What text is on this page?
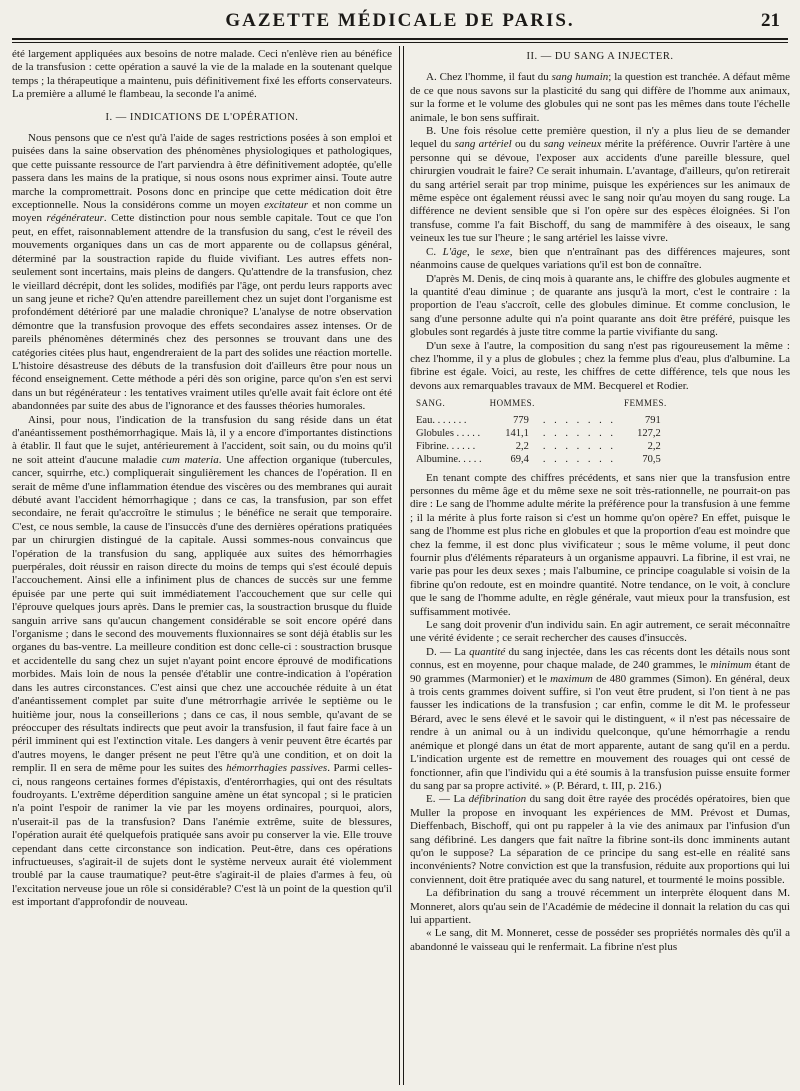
GAZETTE MÉDICALE DE PARIS.	21

été largement appliquées aux besoins de notre malade. Ceci n'enlève rien au bénéfice de la transfusion : cette opération a sauvé la vie de la malade en la soutenant quelque temps ; la thérapeutique a maintenu, puis définitivement fixé les efforts conservateurs. La première a allumé le flambeau, la seconde l'a animé.

I. — INDICATIONS DE L'OPÉRATION.

Nous pensons que ce n'est qu'à l'aide de sages restrictions posées à son emploi et puisées dans la saine observation des phénomènes physiologiques et pathologiques, que cette puissante ressource de l'art parviendra à être définitivement adoptée, qu'elle passera dans les mains de la pratique, si nous osons nous exprimer ainsi. Toute autre marche la compromettrait. Posons donc en principe que cette médication doit être exceptionnelle. Nous la considérons comme un moyen excitateur et non comme un moyen régénérateur. Cette distinction pour nous semble capitale. Tout ce que l'on peut, en effet, raisonnablement attendre de la transfusion du sang, c'est le réveil des mouvements organiques dans un cas de mort apparente ou de collapsus général, déterminé par la soustraction rapide du fluide vivifiant. Les autres effets non-seulement sont incertains, mais pleins de dangers. Qu'attendre de la transfusion, chez le vieillard décrépit, dont les solides, modifiés par l'âge, ont perdu leurs rapports avec un sang jeune et riche? Qu'en attendre pareillement chez un sujet dont l'organisme est profondément détérioré par une maladie chronique? L'analyse de notre observation démontre que la transfusion provoque des effets secondaires assez intenses. Or de pareils phénomènes déterminés chez des personnes se trouvant dans une des catégories citées plus haut, engendreraient de la part des solides une réaction mortelle. L'histoire désastreuse des débuts de la transfusion doit d'ailleurs être pour nous un fécond enseignement. Cette méthode a péri dès son origine, parce qu'on s'en est servi dans un but régénérateur : les tentatives vraiment utiles qu'elle avait fait éclore ont été abandonnées par suite des abus de l'ignorance et des fausses théories humorales.

Ainsi, pour nous, l'indication de la transfusion du sang réside dans un état d'anéantissement posthémorrhagique. Mais là, il y a encore d'importantes distinctions à établir. Il faut que le sujet, antérieurement à l'accident, soit sain, ou du moins qu'il ne soit atteint d'aucune maladie cum materia. Une affection organique (tubercules, cancer, squirrhe, etc.) compliquerait singulièrement les chances de l'opération. Il en serait de même d'une inflammation étendue des viscères ou des membranes qui aurait débuté avant l'accident hémorrhagique ; dans ce cas, la transfusion, par son effet secondaire, ne ferait qu'accroître le stimulus ; le bénéfice ne serait que temporaire. C'est, ce nous semble, la cause de l'insuccès d'une des dernières opérations pratiquées par un chirurgien distingué de la capitale. Aussi sommes-nous convaincus que l'opération de la transfusion du sang, appliquée aux suites des hémorrhagies puerpérales, doit réussir en raison directe du moins de temps qui s'est écoulé depuis l'accouchement. Ainsi elle a infiniment plus de chances de succès sur une femme épuisée par une perte qui suit immédiatement l'accouchement que sur celle qui l'éprouve quelques jours après. Dans le premier cas, la soustraction brusque du fluide sanguin arrive sans qu'aucun changement considérable se soit encore opéré dans l'organisme ; dans le second des mouvements fluxionnaires se sont déjà établis sur les organes du bas-ventre. La meilleure condition est donc celle-ci : soustraction brusque et accidentelle du sang chez un sujet n'ayant point encore éprouvé de modifications morbides. Mais loin de nous la pensée d'établir une contre-indication à l'opération dans les autres circonstances. C'est ainsi que chez une accouchée réduite à un état d'anéantissement complet par suite d'une métrorrhagie arrivée le septième ou le huitième jour, nous la conseillerions ; dans ce cas, il nous semble, qu'avant de se préoccuper des résultats indirects que peut avoir la transfusion, il faut faire face à un péril imminent qui est l'extinction vitale. Les dangers à venir peuvent être écartés par d'autres moyens, le danger présent ne peut l'être qu'à une condition, et on doit la remplir. Il en sera de même pour les suites des hémorrhagies passives. Parmi celles-ci, nous rangeons certaines formes d'épistaxis, d'entérorrhagies, qui ont des résultats foudroyants. L'extrême déperdition sanguine amène un état syncopal ; si le praticien n'a point l'espoir de ranimer la vie par les moyens ordinaires, pourquoi, alors, n'userait-il pas de la transfusion? Dans l'anémie extrême, suite de blessures, l'opération aurait été quelquefois pratiquée sans avoir pu conserver la vie. Elle trouve cependant dans cette circonstance son indication. Peut-être, dans ces opérations infructueuses, s'agirait-il de sujets dont le système nerveux aurait été violemment troublé par la cause traumatique? peut-être s'agirait-il de plaies d'armes à feu, où l'excitation nerveuse joue un rôle si considérable? C'est là un point de la question qu'il est important d'approfondir de nouveau.

II. — DU SANG A INJECTER.

A. Chez l'homme, il faut du sang humain; la question est tranchée. A défaut même de ce que nous savons sur la plasticité du sang qui diffère de l'homme aux animaux, sur la forme et le volume des globules qui ne sont pas les mêmes dans toute l'échelle animale, le bon sens suffirait.

B. Une fois résolue cette première question, il n'y a plus lieu de se demander lequel du sang artériel ou du sang veineux mérite la préférence. Ouvrir l'artère à une personne qui se dévoue, l'exposer aux accidents d'une pareille blessure, quel chirurgien voudrait le faire? Ce serait inhumain. L'avantage, d'ailleurs, qu'on retirerait du sang artériel serait par trop minime, puisque les expériences sur les animaux de même espèce ont également réussi avec le sang noir qu'au moyen du sang rouge. La différence ne devient sensible que si l'on opère sur des espèces éloignées. Si l'on transfuse, comme l'a fait Bischoff, du sang de mammifère à des oiseaux, le sang veineux les tue sur l'heure ; le sang artériel les laisse vivre.

C. L'âge, le sexe, bien que n'entraînant pas des différences majeures, sont néanmoins cause de quelques variations qu'il est bon de connaître.

D'après M. Denis, de cinq mois à quarante ans, le chiffre des globules augmente et la quantité d'eau diminue ; de quarante ans jusqu'à la mort, c'est le contraire : la proportion de l'eau s'accroît, celle des globules diminue. Et comme conclusion, le sang d'une personne adulte qui n'a point quarante ans doit être préféré, puisque les globules sont regardés à juste titre comme la partie vivifiante du sang.

D'un sexe à l'autre, la composition du sang n'est pas rigoureusement la même : chez l'homme, il y a plus de globules ; chez la femme plus d'eau, plus d'albumine. La fibrine est égale. Voici, au reste, les chiffres de cette différence, tels que nous les devons aux remarquables travaux de MM. Becquerel et Rodier.

SANG.	HOMMES.		FEMMES.
Eau. . . . . . .	779	. . . . . . .	791
Globules . . . . .	141,1	. . . . . . .	127,2
Fibrine. . . . . .	2,2	. . . . . . .	2,2
Albumine. . . . .	69,4	. . . . . . .	70,5

En tenant compte des chiffres précédents, et sans nier que la transfusion entre personnes du même âge et du même sexe ne soit très-rationnelle, ne pourrait-on pas dire : Le sang de l'homme adulte mérite la préférence pour la transfusion à une femme ; il la mérite à plus forte raison si c'est un homme qu'on opère? En effet, puisque le sang de l'homme est plus riche en globules et que la proportion d'eau est moindre que chez la femme, il est donc plus vivificateur ; sous le même volume, il peut donc fournir plus d'éléments réparateurs à un organisme appauvri. La fibrine, il est vrai, ne varie pas pour les deux sexes ; mais l'albumine, ce principe coagulable si voisin de la fibrine qu'on redoute, est en moindre quantité. Notre tendance, on le voit, à conclure que le sang de l'homme adulte, en règle générale, vaut mieux pour la transfusion, est suffisamment motivée.

Le sang doit provenir d'un individu sain. En agir autrement, ce serait méconnaître une vérité évidente ; ce serait rechercher des causes d'insuccès.

D. — La quantité du sang injectée, dans les cas récents dont les détails nous sont connus, est en moyenne, pour chaque malade, de 240 grammes, le minimum étant de 90 grammes (Marmonier) et le maximum de 480 grammes (Simon). En général, deux à trois cents grammes doivent suffire, si l'on veut être prudent, si l'on tient à ne pas fausser les indications de la transfusion ; car enfin, comme le dit M. le professeur Bérard, avec le sens élevé et le savoir qui le distinguent, « il n'est pas nécessaire de rendre à un animal ou à un individu quelconque, qu'une hémorrhagie a rendu anémique et plongé dans un état de mort apparente, autant de sang qu'il en a perdu. L'indication urgente est de remettre en mouvement des rouages qui ont cessé de fonctionner, afin que l'individu qui a été soumis à la transfusion puisse ensuite former du sang par sa propre activité. » (P. Bérard, t. III, p. 216.)

E. — La défibrination du sang doit être rayée des procédés opératoires, bien que Muller la propose en invoquant les expériences de MM. Prévost et Dumas, Dieffenbach, Bischoff, qui ont pu rappeler à la vie des animaux par l'infusion d'un sang défibriné. Les dangers que fait naître la fibrine sont-ils donc imminents autant qu'on le suppose? La séparation de ce principe du sang est-elle en réalité sans inconvénients? Notre conviction est que la transfusion, réduite aux proportions qui lui conviennent, doit être pratiquée avec du sang naturel, et tourmenté le moins possible.

La défibrination du sang a trouvé récemment un interprète éloquent dans M. Monneret, alors qu'au sein de l'Académie de médecine il donnait la relation du cas qui lui appartient.

« Le sang, dit M. Monneret, cesse de posséder ses propriétés normales dès qu'il a abandonné le vaisseau qui le renfermait. La fibrine n'est plus
